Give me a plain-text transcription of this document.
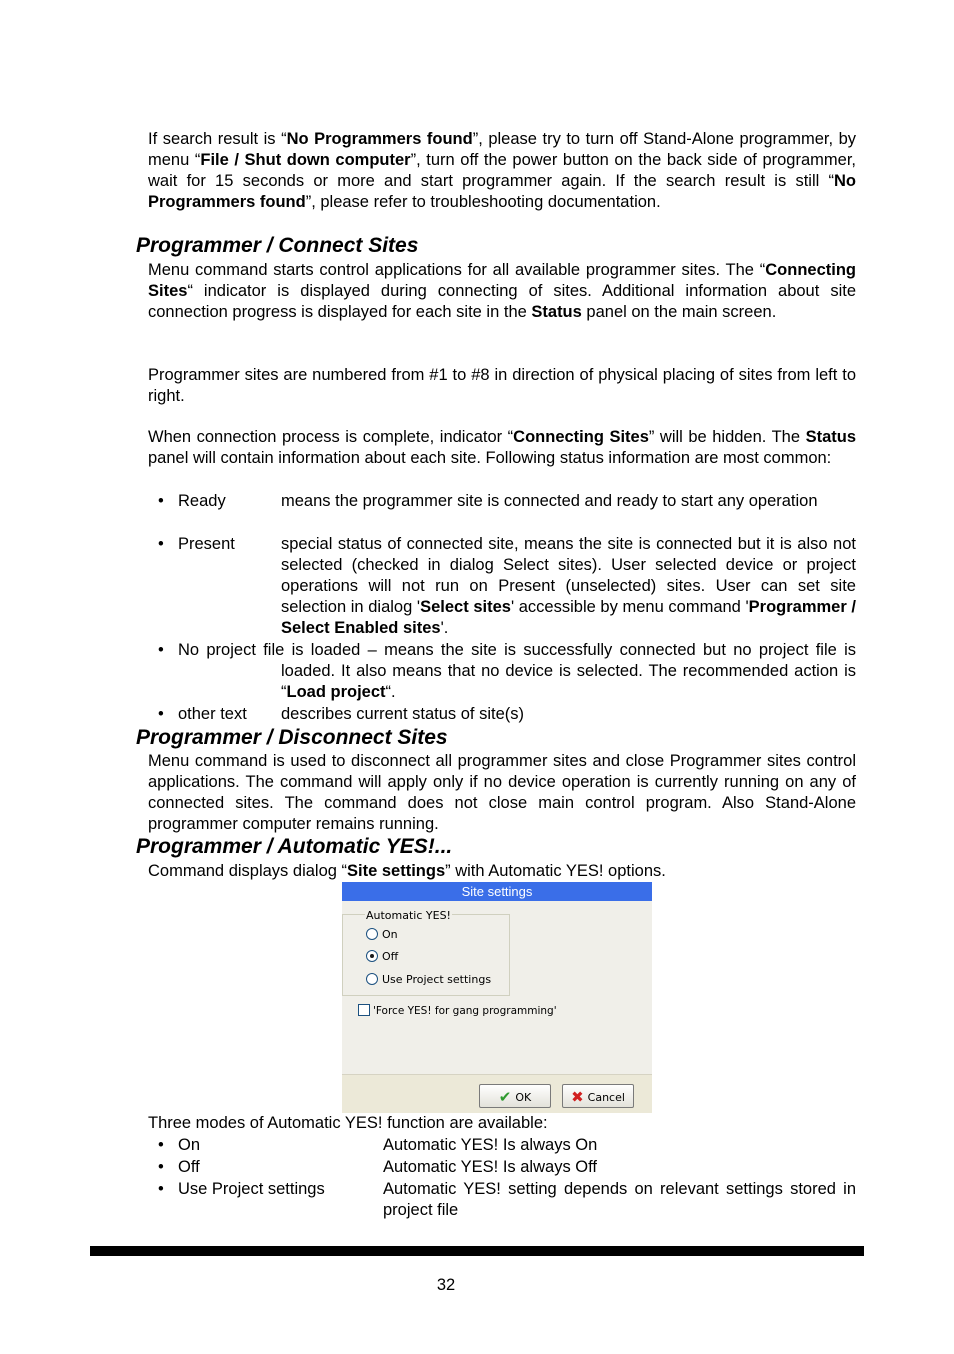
If search result is “No Programmers found”, please try to turn off Stand-Alone programmer, by menu “File / Shut down computer”, turn off the power button on the back side of programmer, wait for 15 seconds or more and start programmer again. If the search result is still “No Programmers found”, please refer to troubleshooting documentation.
Programmer / Connect Sites
Menu command starts control applications for all available programmer sites. The “Connecting Sites“ indicator is displayed during connecting of sites. Additional information about site connection progress is displayed for each site in the Status panel on the main screen.
Programmer sites are numbered from #1 to #8 in direction of physical placing of sites from left to right.
When connection process is complete, indicator “Connecting Sites” will be hidden. The Status panel will contain information about each site. Following status information are most common:
• Ready	means the programmer site is connected and ready to start any operation
• Present	special status of connected site, means the site is connected but it is also not selected (checked in dialog Select sites). User selected device or project operations will not run on Present (unselected) sites. User can set site selection in dialog 'Select sites' accessible by menu command 'Programmer / Select Enabled sites'.
• No project file is loaded – means the site is successfully connected but no project file is loaded. It also means that no device is selected. The recommended action is “Load project“.
• other text describes current status of site(s)
Programmer / Disconnect Sites
Menu command is used to disconnect all programmer sites and close Programmer sites control applications. The command will apply only if no device operation is currently running on any of connected sites. The command does not close main control program. Also Stand-Alone programmer computer remains running.
Programmer / Automatic YES!...
Command displays dialog “Site settings” with Automatic YES! options.
Site settings
Automatic YES!
On
Off
Use Project settings
'Force YES! for gang programming'
✔ OK	✖ Cancel
Three modes of Automatic YES! function are available:
• On	Automatic YES! Is always On
• Off	Automatic YES! Is always Off
• Use Project settings	Automatic YES! setting depends on relevant settings stored in project file
32
